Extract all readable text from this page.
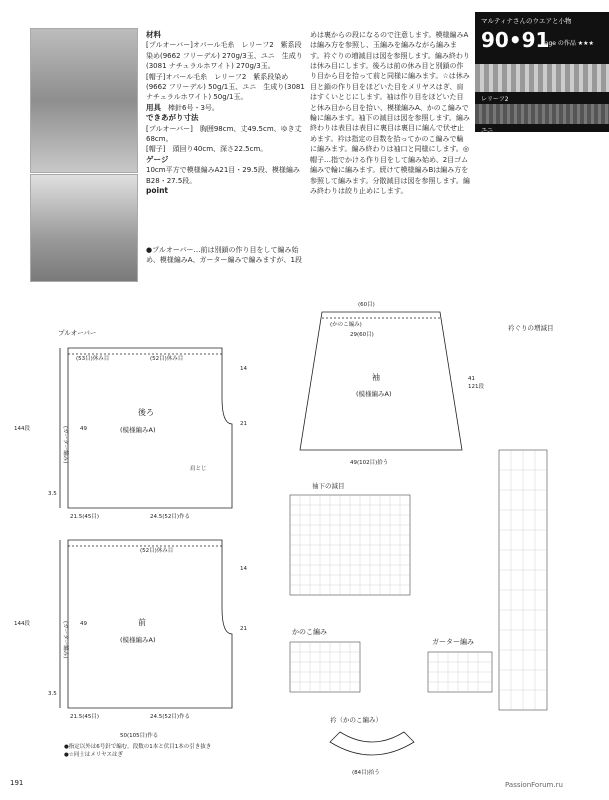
マルティナさんのウエアと小物
90•91
page の作品 ★★★
レリーフ2
ユニ
材料
[プルオーバー]オパール毛糸　レリーフ2　紫系段染め(9662 フリーデル) 270g/3玉、ユニ　生成り(3081 ナチュラルホワイト) 270g/3玉。
[帽子]オパール毛糸　レリーフ2　紫系段染め(9662 フリーデル) 50g/1玉、ユニ　生成り(3081 ナチュラルホワイト) 50g/1玉。
用具　 棒針6号・3号。
できあがり寸法
[プルオーバー]　胸囲98cm、丈49.5cm、ゆき丈68cm。
[帽子]　頭回り40cm、深さ22.5cm。
ゲージ
10cm平方で模様編みA21目・29.5段、模様編みB28・27.5段。
point
●プルオーバー…前は別鎖の作り目をして編み始め、模様編みA、ガーター編みで編みますが、1段
めは裏からの段になるので注意します。模様編みAは編み方を参照し、玉編みを編みながら編みます。衿ぐりの増減目は図を参照します。編み終わりは休み目にします。後ろは前の休み目と別鎖の作り目から目を拾って前と同様に編みます。☆は休み目と鎖の作り目をほどいた目をメリヤスはぎ、肩はすくいとじにします。袖は作り目をほどいた目と休み目から目を拾い、模様編みA、かのこ編みで輪に編みます。袖下の減目は図を参照します。編み終わりは表目は表目に裏目は裏目に編んで伏せ止めます。衿は指定の目数を拾ってかのこ編みで輪に編みます。編み終わりは袖口と同様にします。◎帽子…指でかける作り目をして編み始め、2目ゴム編みで輪に編みます。続けて模様編みBは編み方を参照して編みます。分散減目は図を参照します。編み終わりは絞り止めにします。
プルオーバー
後ろ
(模様編みA)
前
(模様編みA)
(53目)休み目	(52目)休み目
(52目)休み目
21.5(45目)	24.5(52目)作る
21.5(45目)	24.5(52目)作る
50(105目)作る
肩とじ
144段
144段
49
49
3.5
3.5
14
21
14
21
(60目)
(かのこ編み)
29(60目)
袖
(模様編みA)
49(102目)拾う
41
121段
袖下の減目
かのこ編み
ガーター編み
衿ぐりの増減目
衿（かのこ編み）
(84目)拾う
(ガーター編み)
(ガーター編み)
●指定以外は6号針で編む。段数の1本と伏目1本の引き抜き
●☆同士はメリヤスはぎ
191	PassionForum.ru
